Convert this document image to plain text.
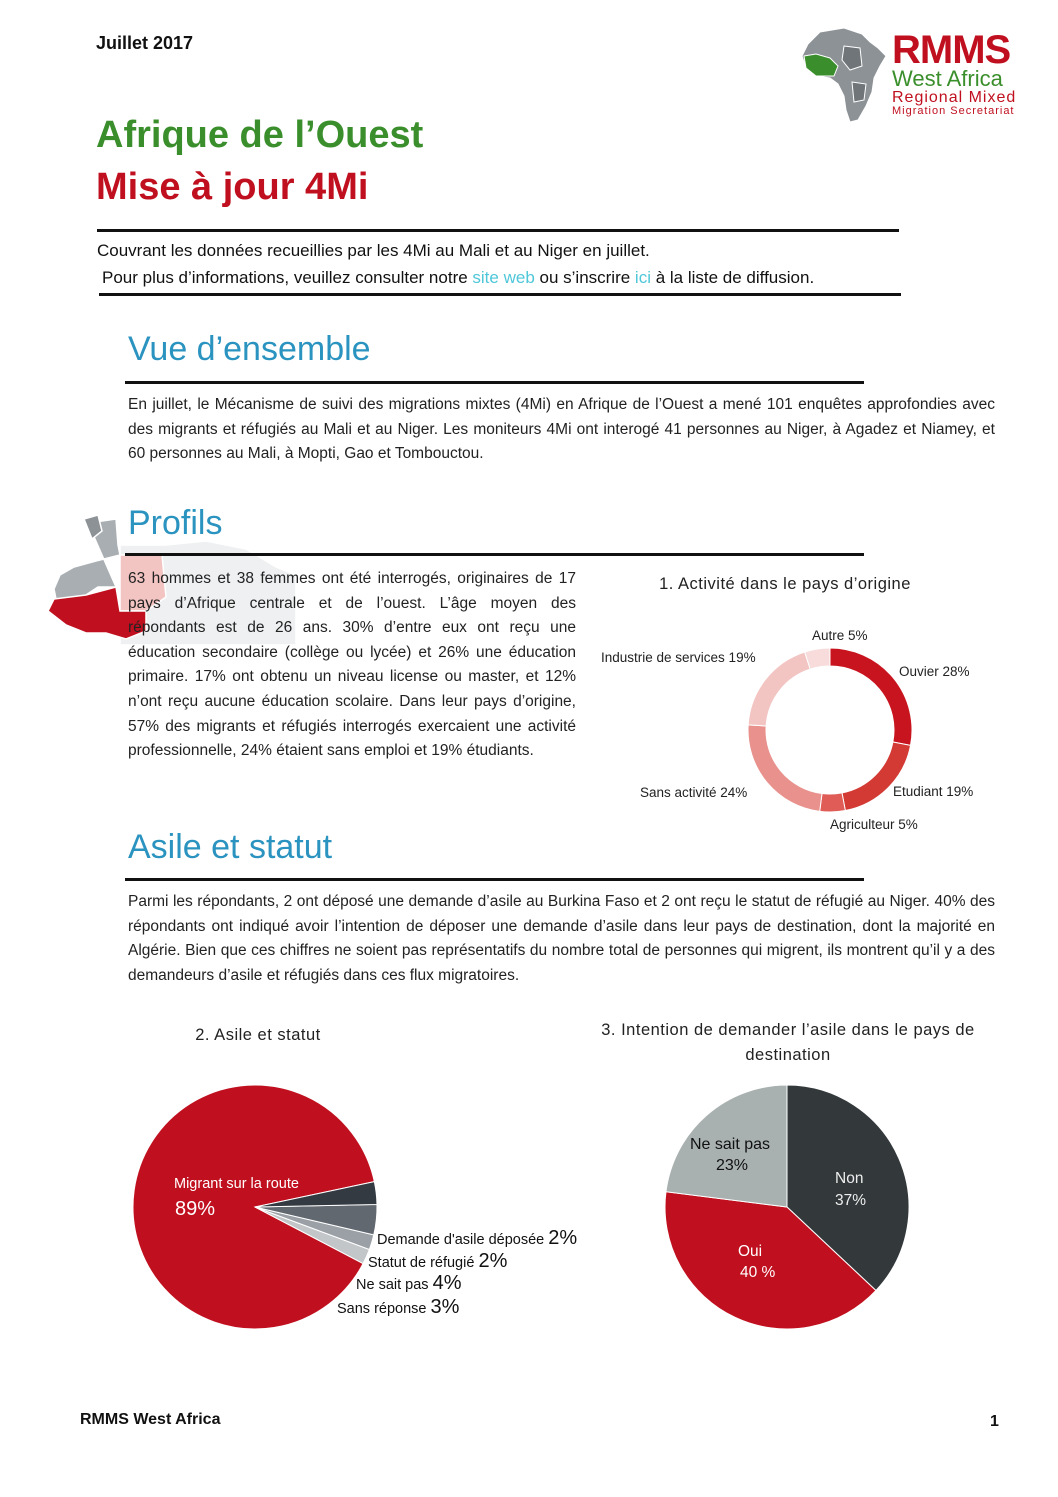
Juillet 2017	RMMS
West Africa
Regional Mixed
Migration Secretariat
Afrique de l’Ouest
Mise à jour 4Mi
Couvrant les données recueillies par les 4Mi au Mali et au Niger en juillet.
Pour plus d’informations, veuillez consulter notre site web ou s’inscrire ici à la liste de diffusion.
Vue d’ensemble
En juillet, le Mécanisme de suivi des migrations mixtes (4Mi) en Afrique de l’Ouest a mené 101 enquêtes approfondies avec des migrants et réfugiés au Mali et au Niger. Les moniteurs 4Mi ont interogé 41 personnes au Niger, à Agadez et Niamey, et 60 personnes au Mali, à Mopti, Gao et Tombouctou.
Profils
63 hommes et 38 femmes ont été interrogés, originaires de 17 pays d’Afrique centrale et de l’ouest. L’âge moyen des répondants est de 26 ans. 30% d’entre eux ont reçu une éducation secondaire (collège ou lycée) et 26% une éducation primaire. 17% ont obtenu un niveau license ou master, et 12% n’ont reçu aucune éducation scolaire. Dans leur pays d’origine, 57% des migrants et réfugiés interrogés exercaient une activité professionnelle, 24% étaient sans emploi et 19% étudiants.
1. Activité dans le pays d’origine
Autre 5%
Ouvier 28%
Etudiant 19%
Agriculteur 5%
Sans activité 24%
Industrie de services 19%
Asile et statut
Parmi les répondants, 2 ont déposé une demande d’asile au Burkina Faso et 2 ont reçu le statut de réfugié au Niger. 40% des répondants ont indiqué avoir l’intention de déposer une demande d’asile dans leur pays de destination, dont la majorité en Algérie. Bien que ces chiffres ne soient pas représentatifs du nombre total de personnes qui migrent, ils montrent qu’il y a des demandeurs d’asile et réfugiés dans ces flux migratoires.
2. Asile et statut
Migrant sur la route
89%
Demande d'asile déposée 2%
Statut de réfugié 2%
Ne sait pas 4%
Sans réponse 3%
3. Intention de demander l’asile dans le pays de destination
Non
37%
Oui
40 %
Ne sait pas
23%
RMMS West Africa	1
